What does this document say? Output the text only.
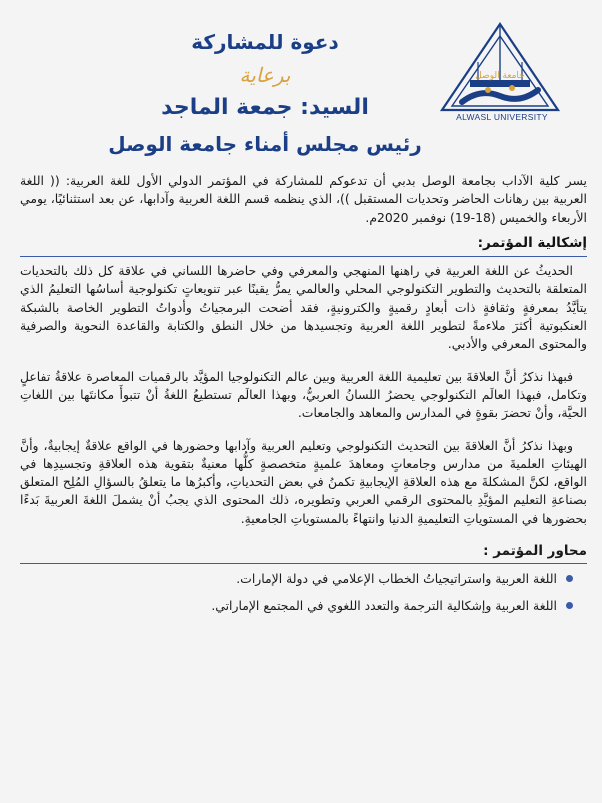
دعوة للمشاركة

برعاية

السيد: جمعة الماجد

رئيس مجلس أمناء جامعة الوصل

جامعة الوصل
ALWASL UNIVERSITY

يسر كلية الآداب بجامعة الوصل بدبي أن تدعوكم للمشاركة في المؤتمر الدولي الأول للغة العربية: (( اللغة العربية بين رهانات الحاضر وتحديات المستقبل ))، الذي ينظمه قسم اللغة العربية وآدابها، عن بعد استثنائيًا، يومي الأربعاء والخميس (18-19) نوفمبر 2020م.

إشكالية المؤتمر:

الحديثُ عن اللغة العربية في راهنها المنهجي والمعرفي وفي حاضرها اللساني في علاقة كل ذلك بالتحديات المتعلقة بالتحديث والتطوير التكنولوجي المحلي والعالمي يمرُّ يقينًا عبر تنويعاتٍ تكنولوجية أساسُها التعليمُ الذي يتأيَّدُ بمعرفةٍ وثقافةٍ ذات أبعادٍ رقميةٍ والكترونيةٍ، فقد أضحت البرمجياتُ وأدواتُ التطوير الخاصة بالشبكة العنكبوتية أكثرَ ملاءمةً لتطوير اللغة العربية وتجسيدها من خلال النطق والكتابة والقاعدة النحوية والصرفية والمحتوى المعرفي والأدبي.

فبهذا نذكرُ أنَّ العلاقةَ بين تعليمية اللغة العربية وبين عالم التكنولوجيا المؤيَّد بالرقميات المعاصرة علاقةُ تفاعلٍ وتكامل، فبهذا العالَم التكنولوجي يحضرُ اللسانُ العربيُّ، وبهذا العالَم تستطيعُ اللغةُ أنْ تتبوأَ مكانتَها بين اللغاتِ الحيَّة، وأنْ تحضرَ بقوةٍ في المدارس والمعاهد والجامعات.

وبهذا نذكرُ أنَّ العلاقةَ بين التحديث التكنولوجي وتعليم العربية وآدابها وحضورها في الواقع علاقةٌ إيجابيةٌ، وأنَّ الهيئاتِ العلميةَ من مدارس وجامعاتٍ ومعاهدَ علميةٍ متخصصةٍ كلُّها معنيةٌ بتقوية هذه العلاقةِ وتجسيدِها في الواقع، لكنَّ المشكلةَ مع هذه العلاقةِ الإيجابيةِ تكمنُ في بعض التحدياتِ، وأكبرُها ما يتعلقُ بالسؤالِ المُلِح المتعلق بصناعةِ التعليم المؤيَّدِ بالمحتوى الرقمي العربي وتطويره، ذلك المحتوى الذي يجبُ أنْ يشملَ اللغةَ العربيةَ بَدءًا بحضورها في المستوياتِ التعليميةِ الدنيا وانتهاءً بالمستوياتِ الجامعيةِ.

محاور المؤتمر :
اللغة العربية واستراتيجياتُ الخطاب الإعلامي في دولة الإمارات.
اللغة العربية وإشكالية الترجمة والتعدد اللغوي في المجتمع الإماراتي.
